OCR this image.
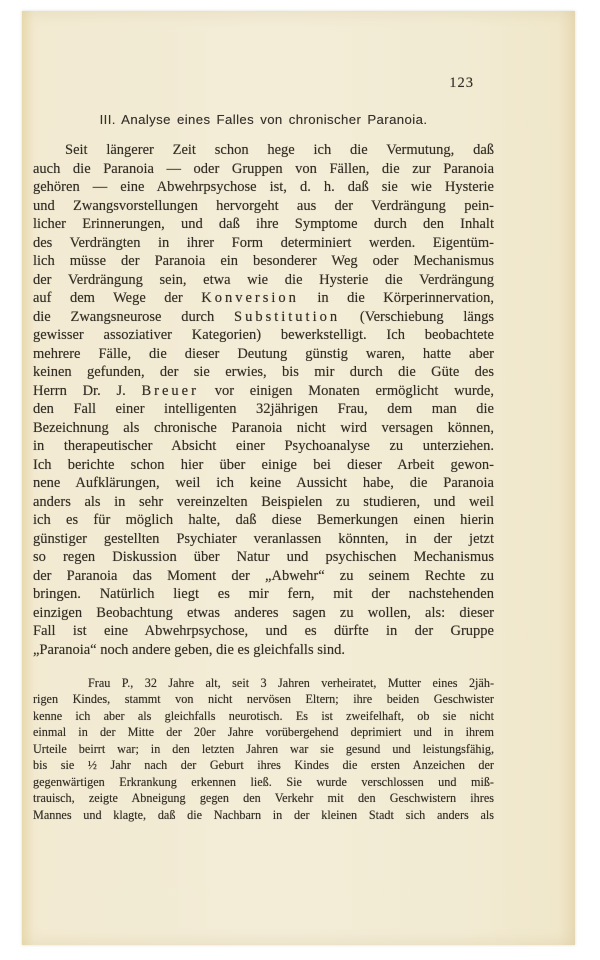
123
III. Analyse eines Falles von chronischer Paranoia.
Seit längerer Zeit schon hege ich die Vermutung, daß
auch die Paranoia — oder Gruppen von Fällen, die zur Paranoia
gehören — eine Abwehrpsychose ist, d. h. daß sie wie Hysterie
und Zwangsvorstellungen hervorgeht aus der Verdrängung pein-
licher Erinnerungen, und daß ihre Symptome durch den Inhalt
des Verdrängten in ihrer Form determiniert werden. Eigentüm-
lich müsse der Paranoia ein besonderer Weg oder Mechanismus
der Verdrängung sein, etwa wie die Hysterie die Verdrängung
auf dem Wege der Konversion in die Körperinnervation,
die Zwangsneurose durch Substitution (Verschiebung längs
gewisser assoziativer Kategorien) bewerkstelligt. Ich beobachtete
mehrere Fälle, die dieser Deutung günstig waren, hatte aber
keinen gefunden, der sie erwies, bis mir durch die Güte des
Herrn Dr. J. Breuer vor einigen Monaten ermöglicht wurde,
den Fall einer intelligenten 32jährigen Frau, dem man die
Bezeichnung als chronische Paranoia nicht wird versagen können,
in therapeutischer Absicht einer Psychoanalyse zu unterziehen.
Ich berichte schon hier über einige bei dieser Arbeit gewon-
nene Aufklärungen, weil ich keine Aussicht habe, die Paranoia
anders als in sehr vereinzelten Beispielen zu studieren, und weil
ich es für möglich halte, daß diese Bemerkungen einen hierin
günstiger gestellten Psychiater veranlassen könnten, in der jetzt
so regen Diskussion über Natur und psychischen Mechanismus
der Paranoia das Moment der „Abwehr“ zu seinem Rechte zu
bringen. Natürlich liegt es mir fern, mit der nachstehenden
einzigen Beobachtung etwas anderes sagen zu wollen, als: dieser
Fall ist eine Abwehrpsychose, und es dürfte in der Gruppe
„Paranoia“ noch andere geben, die es gleichfalls sind.
Frau P., 32 Jahre alt, seit 3 Jahren verheiratet, Mutter eines 2jäh-
rigen Kindes, stammt von nicht nervösen Eltern; ihre beiden Geschwister
kenne ich aber als gleichfalls neurotisch. Es ist zweifelhaft, ob sie nicht
einmal in der Mitte der 20er Jahre vorübergehend deprimiert und in ihrem
Urteile beirrt war; in den letzten Jahren war sie gesund und leistungsfähig,
bis sie ½ Jahr nach der Geburt ihres Kindes die ersten Anzeichen der
gegenwärtigen Erkrankung erkennen ließ. Sie wurde verschlossen und miß-
trauisch, zeigte Abneigung gegen den Verkehr mit den Geschwistern ihres
Mannes und klagte, daß die Nachbarn in der kleinen Stadt sich anders als
